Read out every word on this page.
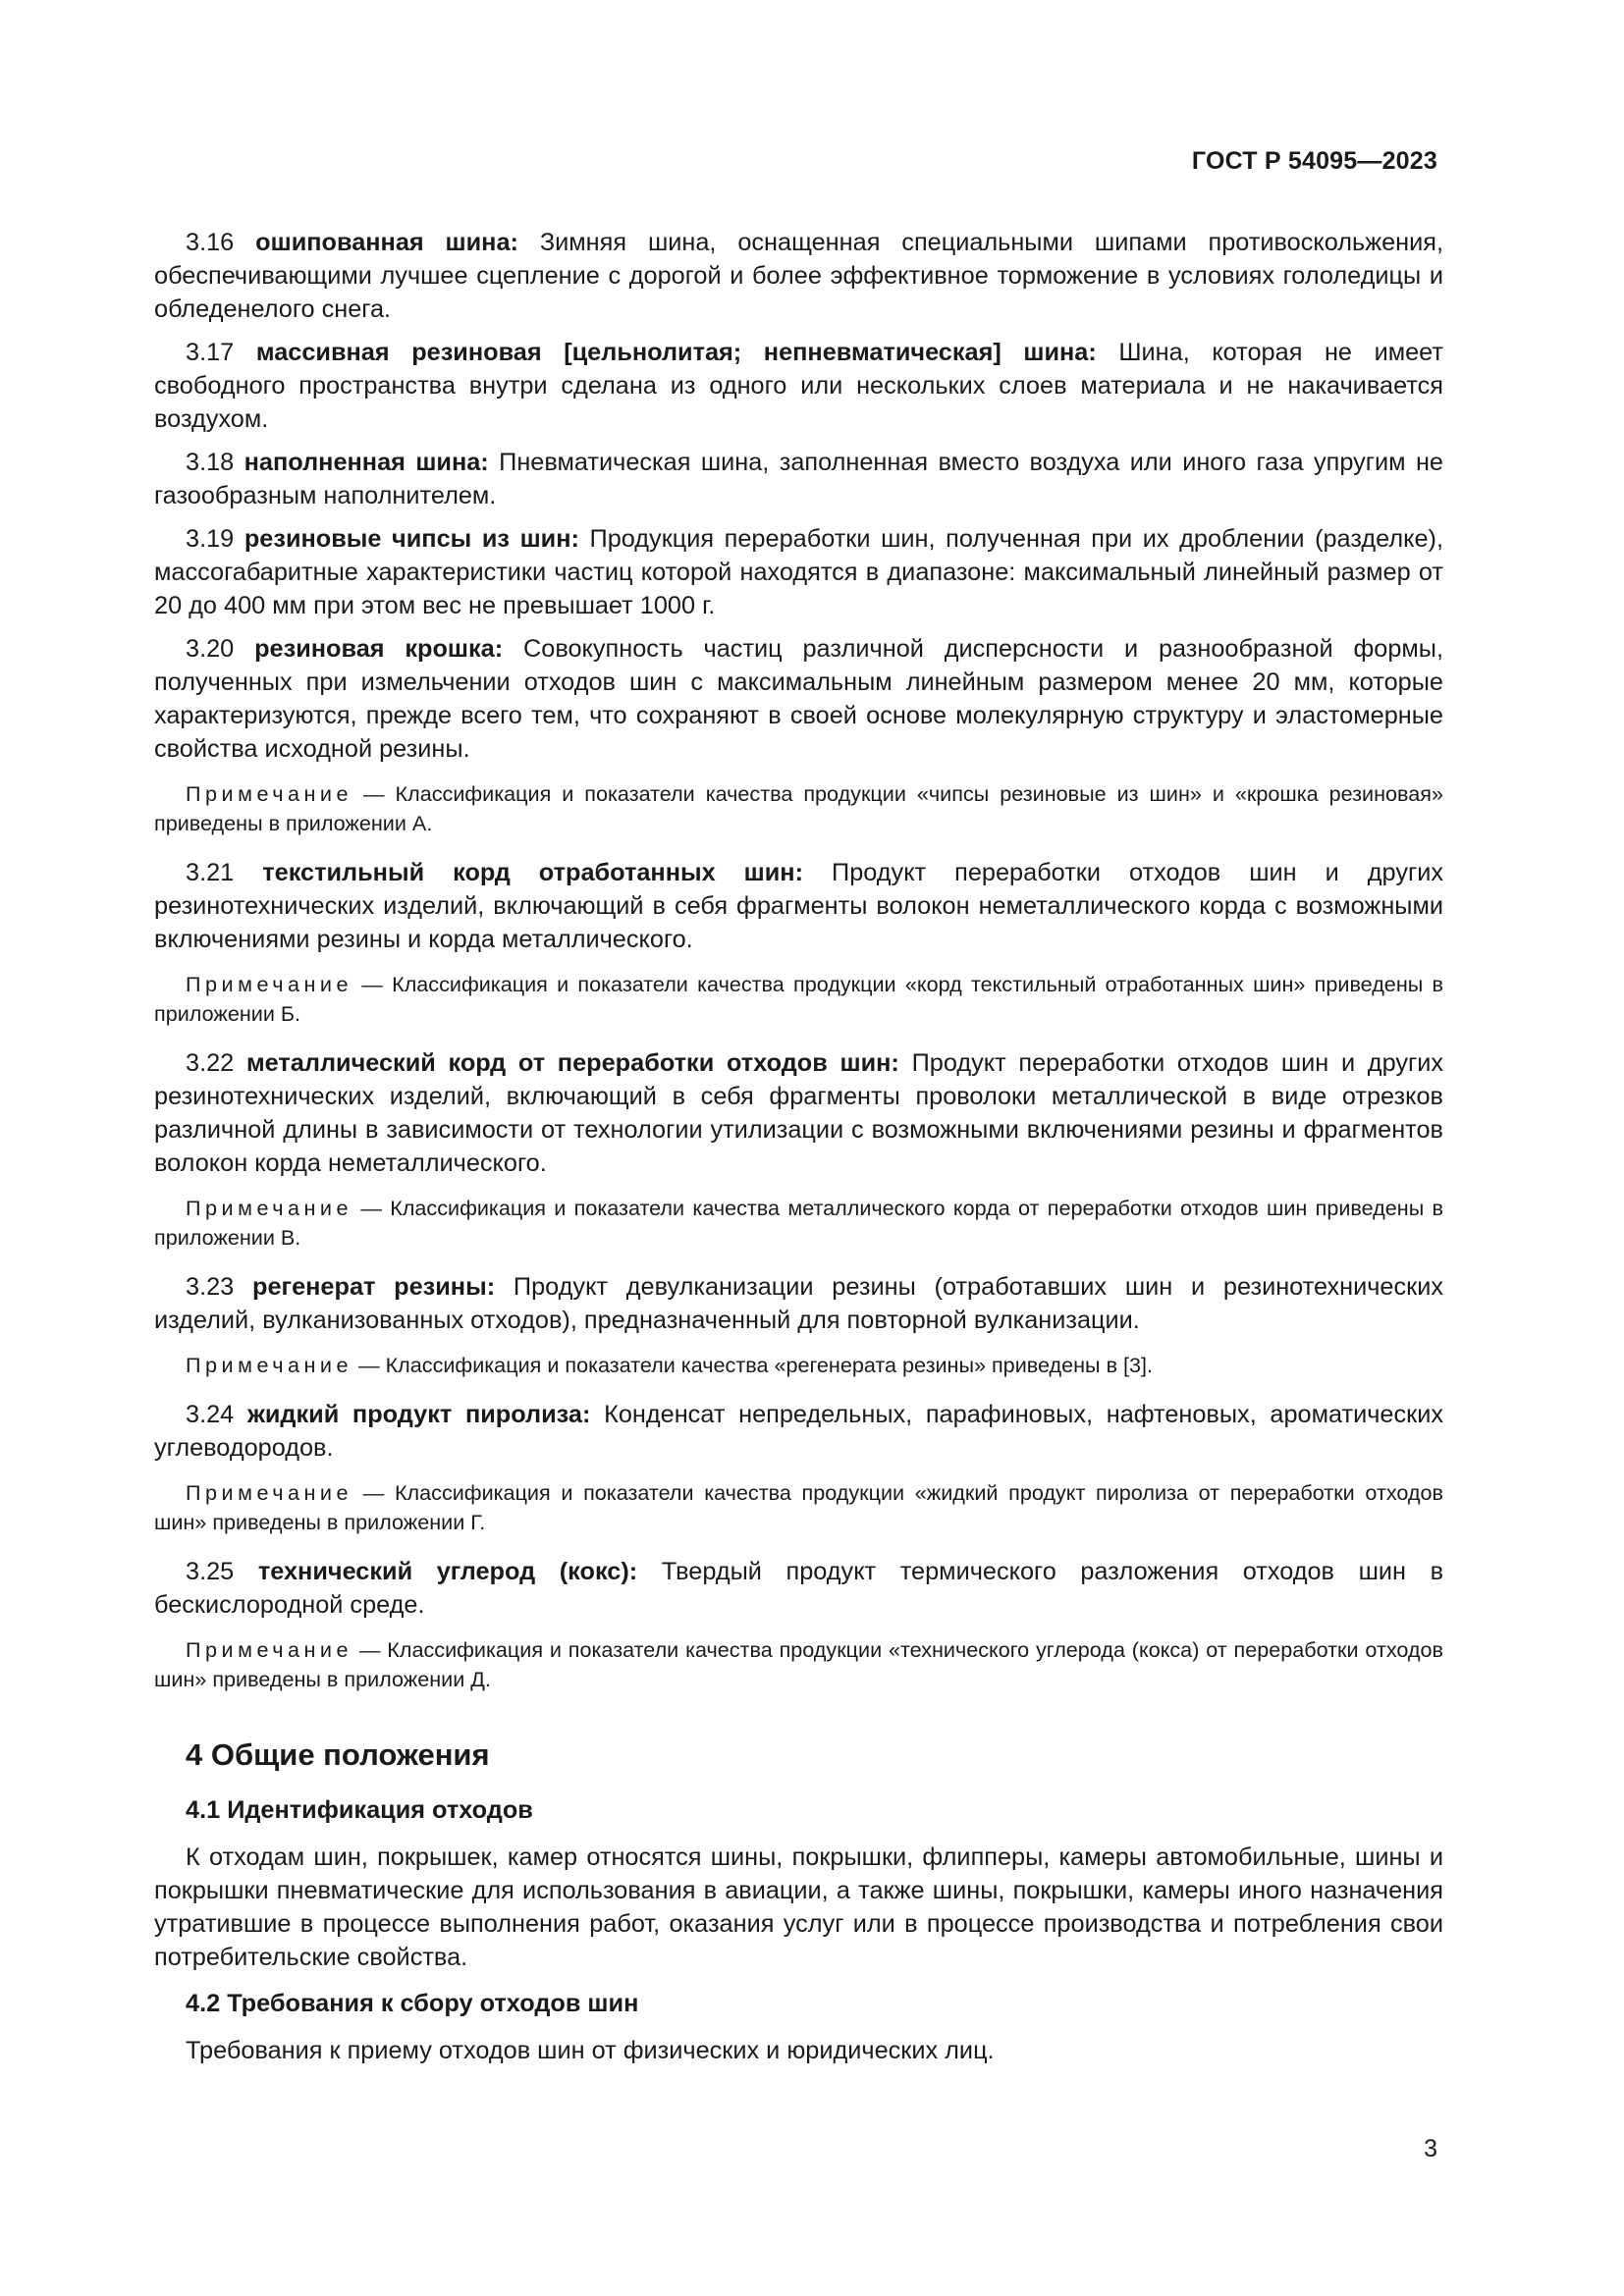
ГОСТ Р 54095—2023

3.16 ошипованная шина: Зимняя шина, оснащенная специальными шипами противоскольжения, обеспечивающими лучшее сцепление с дорогой и более эффективное торможение в условиях гололедицы и обледенелого снега.

3.17 массивная резиновая [цельнолитая; непневматическая] шина: Шина, которая не имеет свободного пространства внутри сделана из одного или нескольких слоев материала и не накачивается воздухом.

3.18 наполненная шина: Пневматическая шина, заполненная вместо воздуха или иного газа упругим не газообразным наполнителем.

3.19 резиновые чипсы из шин: Продукция переработки шин, полученная при их дроблении (разделке), массогабаритные характеристики частиц которой находятся в диапазоне: максимальный линейный размер от 20 до 400 мм при этом вес не превышает 1000 г.

3.20 резиновая крошка: Совокупность частиц различной дисперсности и разнообразной формы, полученных при измельчении отходов шин с максимальным линейным размером менее 20 мм, которые характеризуются, прежде всего тем, что сохраняют в своей основе молекулярную структуру и эластомерные свойства исходной резины.

Примечание — Классификация и показатели качества продукции «чипсы резиновые из шин» и «крошка резиновая» приведены в приложении А.

3.21 текстильный корд отработанных шин: Продукт переработки отходов шин и других резинотехнических изделий, включающий в себя фрагменты волокон неметаллического корда с возможными включениями резины и корда металлического.

Примечание — Классификация и показатели качества продукции «корд текстильный отработанных шин» приведены в приложении Б.

3.22 металлический корд от переработки отходов шин: Продукт переработки отходов шин и других резинотехнических изделий, включающий в себя фрагменты проволоки металлической в виде отрезков различной длины в зависимости от технологии утилизации с возможными включениями резины и фрагментов волокон корда неметаллического.

Примечание — Классификация и показатели качества металлического корда от переработки отходов шин приведены в приложении В.

3.23 регенерат резины: Продукт девулканизации резины (отработавших шин и резинотехнических изделий, вулканизованных отходов), предназначенный для повторной вулканизации.

Примечание — Классификация и показатели качества «регенерата резины» приведены в [3].

3.24 жидкий продукт пиролиза: Конденсат непредельных, парафиновых, нафтеновых, ароматических углеводородов.

Примечание — Классификация и показатели качества продукции «жидкий продукт пиролиза от переработки отходов шин» приведены в приложении Г.

3.25 технический углерод (кокс): Твердый продукт термического разложения отходов шин в бескислородной среде.

Примечание — Классификация и показатели качества продукции «технического углерода (кокса) от переработки отходов шин» приведены в приложении Д.

4 Общие положения
4.1 Идентификация отходов

К отходам шин, покрышек, камер относятся шины, покрышки, флипперы, камеры автомобильные, шины и покрышки пневматические для использования в авиации, а также шины, покрышки, камеры иного назначения утратившие в процессе выполнения работ, оказания услуг или в процессе производства и потребления свои потребительские свойства.

4.2 Требования к сбору отходов шин

Требования к приему отходов шин от физических и юридических лиц.

3
